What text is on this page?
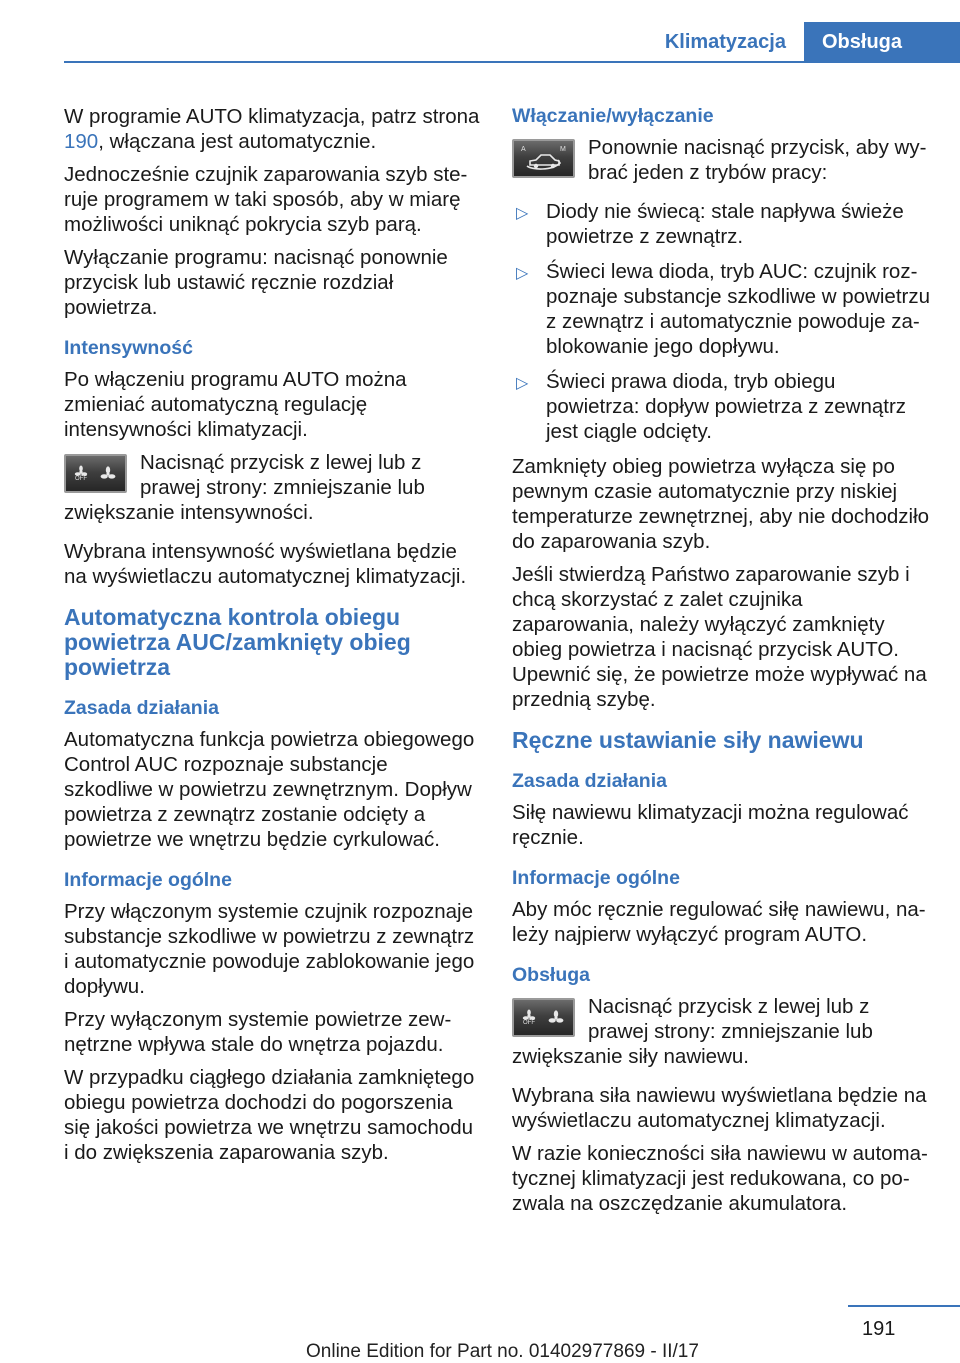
Klimatyzacja	Obsługa

W programie AUTO klimatyzacja, patrz strona 190, włączana jest automatycznie.

Jednocześnie czujnik zaparowania szyb steruje programem w taki sposób, aby w miarę możliwości uniknąć pokrycia szyb parą.

Wyłączanie programu: nacisnąć ponownie przycisk lub ustawić ręcznie rozdział powietrza.

Intensywność

Po włączeniu programu AUTO można zmieniać automatyczną regulację intensywności klimatyzacji.

OFF
Nacisnąć przycisk z lewej lub z prawej strony: zmniejszanie lub zwiększanie intensywności.

Wybrana intensywność wyświetlana będzie na wyświetlaczu automatycznej klimatyzacji.

Automatyczna kontrola obiegu powietrza AUC/zamknięty obieg powietrza
Zasada działania

Automatyczna funkcja powietrza obiegowego Control AUC rozpoznaje substancje szkodliwe w powietrzu zewnętrznym. Dopływ powietrza z zewnątrz zostanie odcięty a powietrze we wnętrzu będzie cyrkulować.

Informacje ogólne

Przy włączonym systemie czujnik rozpoznaje substancje szkodliwe w powietrzu z zewnątrz i automatycznie powoduje zablokowanie jego dopływu.

Przy wyłączonym systemie powietrze zewnętrzne wpływa stale do wnętrza pojazdu.

W przypadku ciągłego działania zamkniętego obiegu powietrza dochodzi do pogorszenia się jakości powietrza we wnętrzu samochodu i do zwiększenia zaparowania szyb.

Włączanie/wyłączanie
A	M Ponownie nacisnąć przycisk, aby wybrać jeden z trybów pracy:
▷ Diody nie świecą: stale napływa świeże powietrze z zewnątrz.
▷ Świeci lewa dioda, tryb AUC: czujnik rozpoznaje substancje szkodliwe w powietrzu z zewnątrz i automatycznie powoduje zablokowanie jego dopływu.
▷ Świeci prawa dioda, tryb obiegu powietrza: dopływ powietrza z zewnątrz jest ciągle odcięty.

Zamknięty obieg powietrza wyłącza się po pewnym czasie automatycznie przy niskiej temperaturze zewnętrznej, aby nie dochodziło do zaparowania szyb.

Jeśli stwierdzą Państwo zaparowanie szyb i chcą skorzystać z zalet czujnika zaparowania, należy wyłączyć zamknięty obieg powietrza i nacisnąć przycisk AUTO. Upewnić się, że powietrze może wypływać na przednią szybę.

Ręczne ustawianie siły nawiewu
Zasada działania

Siłę nawiewu klimatyzacji można regulować ręcznie.

Informacje ogólne

Aby móc ręcznie regulować siłę nawiewu, należy najpierw wyłączyć program AUTO.

Obsługa
OFF
Nacisnąć przycisk z lewej lub z prawej strony: zmniejszanie lub zwiększanie siły nawiewu.

Wybrana siła nawiewu wyświetlana będzie na wyświetlaczu automatycznej klimatyzacji.

W razie konieczności siła nawiewu w automatycznej klimatyzacji jest redukowana, co pozwala na oszczędzanie akumulatora.

191
Online Edition for Part no. 01402977869 - II/17
